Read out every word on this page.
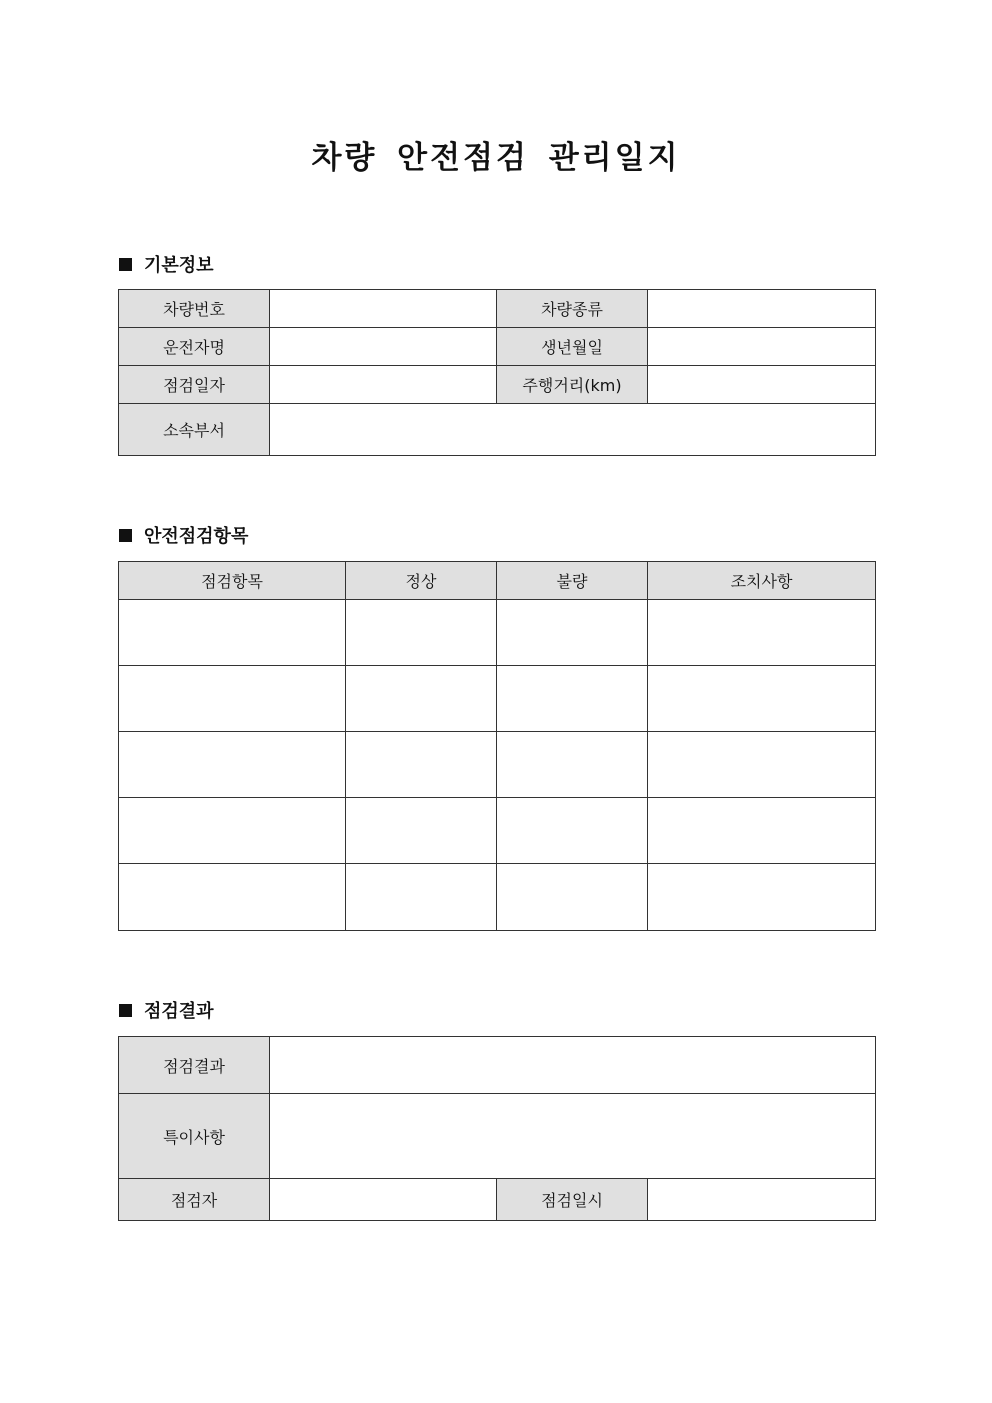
차량 안전점검 관리일지
기본정보
차량번호		차량종류	
운전자명		생년월일	
점검일자		주행거리(km)	
소속부서			
안전점검항목
점검항목	정상	불량	조치사항

점검결과
점검결과			
특이사항			
점검자		점검일시	
